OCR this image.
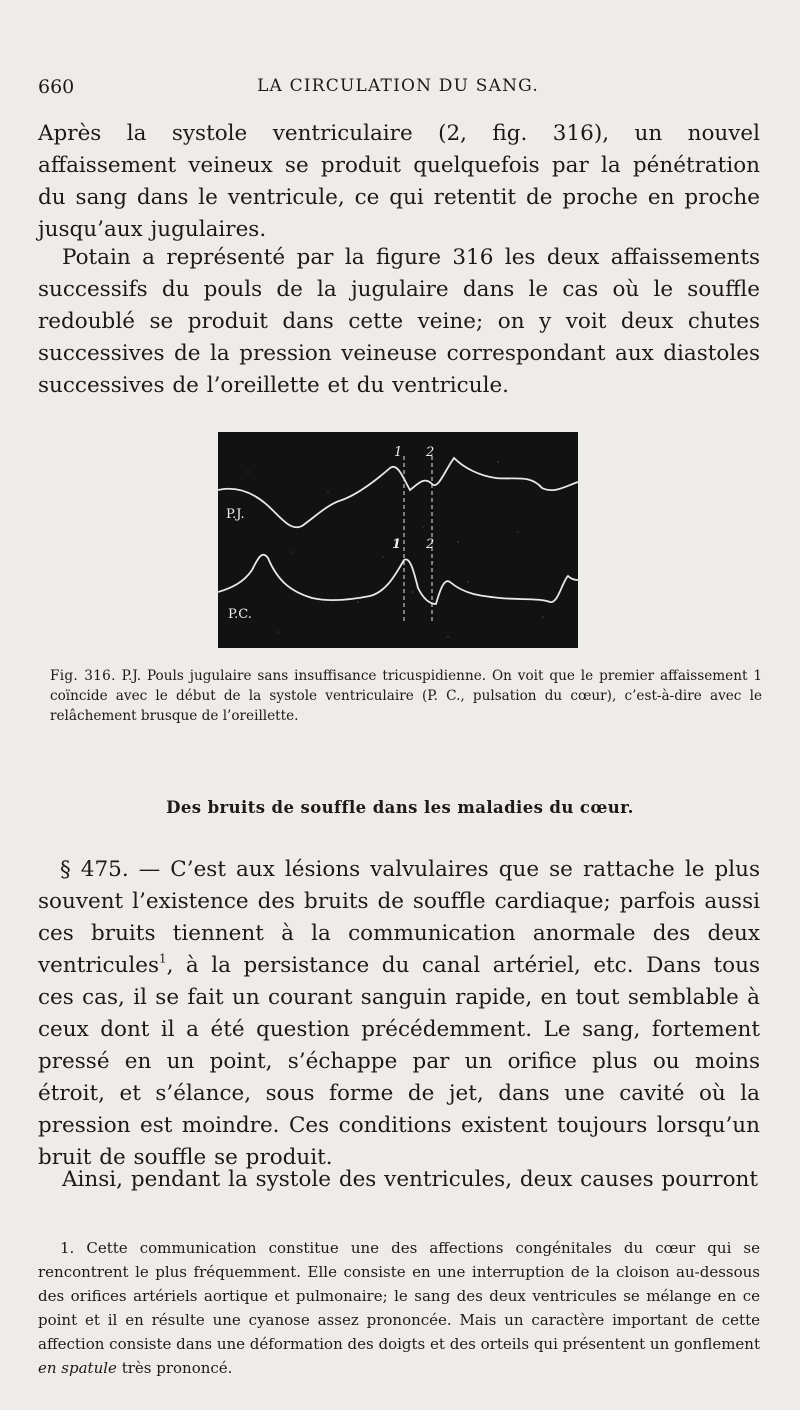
660	LA CIRCULATION DU SANG.

Après la systole ventriculaire (2, fig. 316), un nouvel affaissement veineux se produit quelquefois par la pénétration du sang dans le ventricule, ce qui retentit de proche en proche jusqu’aux jugulaires.

Potain a représenté par la figure 316 les deux affaissements successifs du pouls de la jugulaire dans le cas où le souffle redoublé se produit dans cette veine; on y voit deux chutes successives de la pression veineuse correspondant aux diastoles successives de l’oreillette et du ventricule.

P.J.
P.C.
1 2
1 2

Fig. 316. P.J. Pouls jugulaire sans insuffisance tricuspidienne. On voit que le premier affaissement 1 coïncide avec le début de la systole ventriculaire (P. C., pulsation du cœur), c’est-à-dire avec le relâchement brusque de l’oreillette.

Des bruits de souffle dans les maladies du cœur.

§ 475. — C’est aux lésions valvulaires que se rattache le plus souvent l’existence des bruits de souffle cardiaque; parfois aussi ces bruits tiennent à la communication anormale des deux ventricules$^1$, à la persistance du canal artériel, etc. Dans tous ces cas, il se fait un courant sanguin rapide, en tout semblable à ceux dont il a été question précédemment. Le sang, fortement pressé en un point, s’échappe par un orifice plus ou moins étroit, et s’élance, sous forme de jet, dans une cavité où la pression est moindre. Ces conditions existent toujours lorsqu’un bruit de souffle se produit.

Ainsi, pendant la systole des ventricules, deux causes pourront

1. Cette communication constitue une des affections congénitales du cœur qui se rencontrent le plus fréquemment. Elle consiste en une interruption de la cloison au-dessous des orifices artériels aortique et pulmonaire; le sang des deux ventricules se mélange en ce point et il en résulte une cyanose assez prononcée. Mais un caractère important de cette affection consiste dans une déformation des doigts et des orteils qui présentent un gonflement en spatule très prononcé.
